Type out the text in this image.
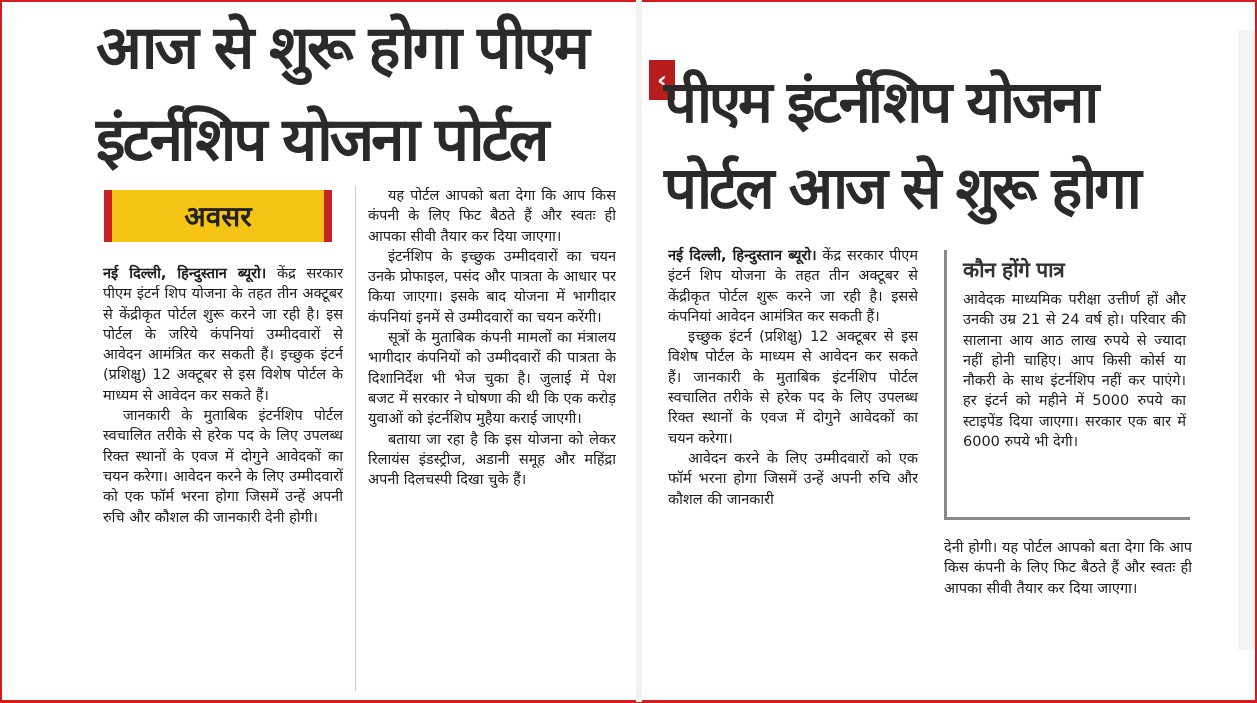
आज से शुरू होगा पीएम
इंटर्नशिप योजना पोर्टल
अवसर

नई दिल्ली, हिन्दुस्तान ब्यूरो। केंद्र सरकार पीएम इंटर्न शिप योजना के तहत तीन अक्टूबर से केंद्रीकृत पोर्टल शुरू करने जा रही है। इस पोर्टल के जरिये कंपनियां उम्मीदवारों से आवेदन आमंत्रित कर सकती हैं। इच्छुक इंटर्न (प्रशिक्षु) 12 अक्टूबर से इस विशेष पोर्टल के माध्यम से आवेदन कर सकते हैं।

जानकारी के मुताबिक इंटर्नशिप पोर्टल स्वचालित तरीके से हरेक पद के लिए उपलब्ध रिक्त स्थानों के एवज में दोगुने आवेदकों का चयन करेगा। आवेदन करने के लिए उम्मीदवारों को एक फॉर्म भरना होगा जिसमें उन्हें अपनी रुचि और कौशल की जानकारी देनी होगी।

यह पोर्टल आपको बता देगा कि आप किस कंपनी के लिए फिट बैठते हैं और स्वतः ही आपका सीवी तैयार कर दिया जाएगा।

इंटर्नशिप के इच्छुक उम्मीदवारों का चयन उनके प्रोफाइल, पसंद और पात्रता के आधार पर किया जाएगा। इसके बाद योजना में भागीदार कंपनियां इनमें से उम्मीदवारों का चयन करेंगी।

सूत्रों के मुताबिक कंपनी मामलों का मंत्रालय भागीदार कंपनियों को उम्मीदवारों की पात्रता के दिशानिर्देश भी भेज चुका है। जुलाई में पेश बजट में सरकार ने घोषणा की थी कि एक करोड़ युवाओं को इंटर्नशिप मुहैया कराई जाएगी।

बताया जा रहा है कि इस योजना को लेकर रिलायंस इंडस्ट्रीज, अडानी समूह और महिंद्रा अपनी दिलचस्पी दिखा चुके हैं।

‹
पीएम इंटर्नशिप योजना
पोर्टल आज से शुरू होगा

नई दिल्ली, हिन्दुस्तान ब्यूरो। केंद्र सरकार पीएम इंटर्न शिप योजना के तहत तीन अक्टूबर से केंद्रीकृत पोर्टल शुरू करने जा रही है। इससे कंपनियां आवेदन आमंत्रित कर सकती हैं।

इच्छुक इंटर्न (प्रशिक्षु) 12 अक्टूबर से इस विशेष पोर्टल के माध्यम से आवेदन कर सकते हैं। जानकारी के मुताबिक इंटर्नशिप पोर्टल स्वचालित तरीके से हरेक पद के लिए उपलब्ध रिक्त स्थानों के एवज में दोगुने आवेदकों का चयन करेगा।

आवेदन करने के लिए उम्मीदवारों को एक फॉर्म भरना होगा जिसमें उन्हें अपनी रुचि और कौशल की जानकारी

कौन होंगे पात्र
आवेदक माध्यमिक परीक्षा उत्तीर्ण हों और उनकी उम्र 21 से 24 वर्ष हो। परिवार की सालाना आय आठ लाख रुपये से ज्यादा नहीं होनी चाहिए। आप किसी कोर्स या नौकरी के साथ इंटर्नशिप नहीं कर पाएंगे। हर इंटर्न को महीने में 5000 रुपये का स्टाइपेंड दिया जाएगा। सरकार एक बार में 6000 रुपये भी देगी।

देनी होगी। यह पोर्टल आपको बता देगा कि आप किस कंपनी के लिए फिट बैठते हैं और स्वतः ही आपका सीवी तैयार कर दिया जाएगा।
